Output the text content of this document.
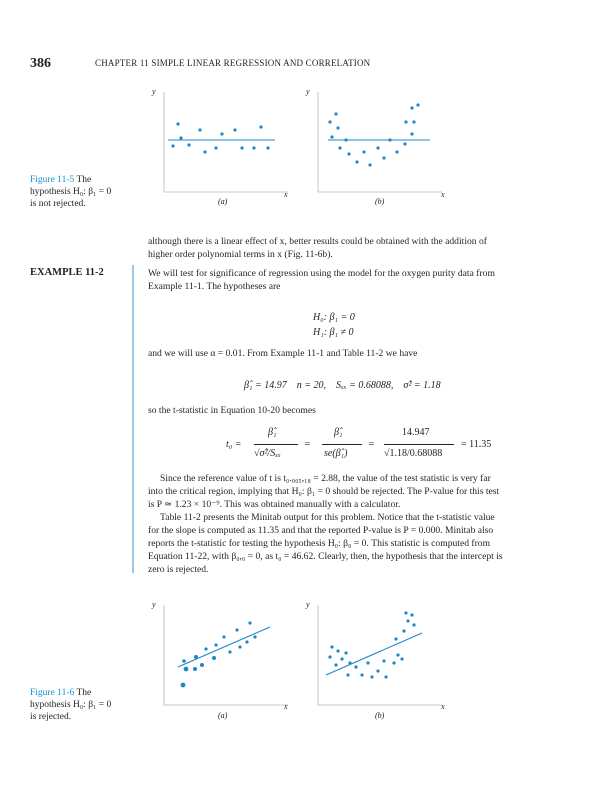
386	CHAPTER 11 SIMPLE LINEAR REGRESSION AND CORRELATION
y
x
(a)
y
x
(b)
Figure 11-5 The
hypothesis H₀: β₁ = 0
is not rejected.
although there is a linear effect of x, better results could be obtained with the addition of
higher order polynomial terms in x (Fig. 11-6b).
EXAMPLE 11-2	We will test for significance of regression using the model for the oxygen purity data from
Example 11-1. The hypotheses are
H₀: β₁ = 0
H₁: β₁ ≠ 0
and we will use α = 0.01. From Example 11-1 and Table 11-2 we have
β̂₁ = 14.97    n = 20,    Sₓₓ = 0.68088,    σ̂² = 1.18
so the t-statistic in Equation 10-20 becomes
t₀ =
β̂₁
√σ̂²/Sₓₓ
=
β̂₁
se(β̂₁)
=
14.947
√1.18/0.68088
= 11.35
Since the reference value of t is t₀.₀₀₅,₁₈ = 2.88, the value of the test statistic is very far
into the critical region, implying that H₀: β₁ = 0 should be rejected. The P-value for this test
is P ≃ 1.23 × 10⁻⁹. This was obtained manually with a calculator.
Table 11-2 presents the Minitab output for this problem. Notice that the t-statistic value
for the slope is computed as 11.35 and that the reported P-value is P = 0.000. Minitab also
reports the t-statistic for testing the hypothesis H₀: β₀ = 0. This statistic is computed from
Equation 11-22, with β₀,₀ = 0, as t₀ = 46.62. Clearly, then, the hypothesis that the intercept is
zero is rejected.
y
x
(a)
y
x
(b)
Figure 11-6 The
hypothesis H₀: β₁ = 0
is rejected.
